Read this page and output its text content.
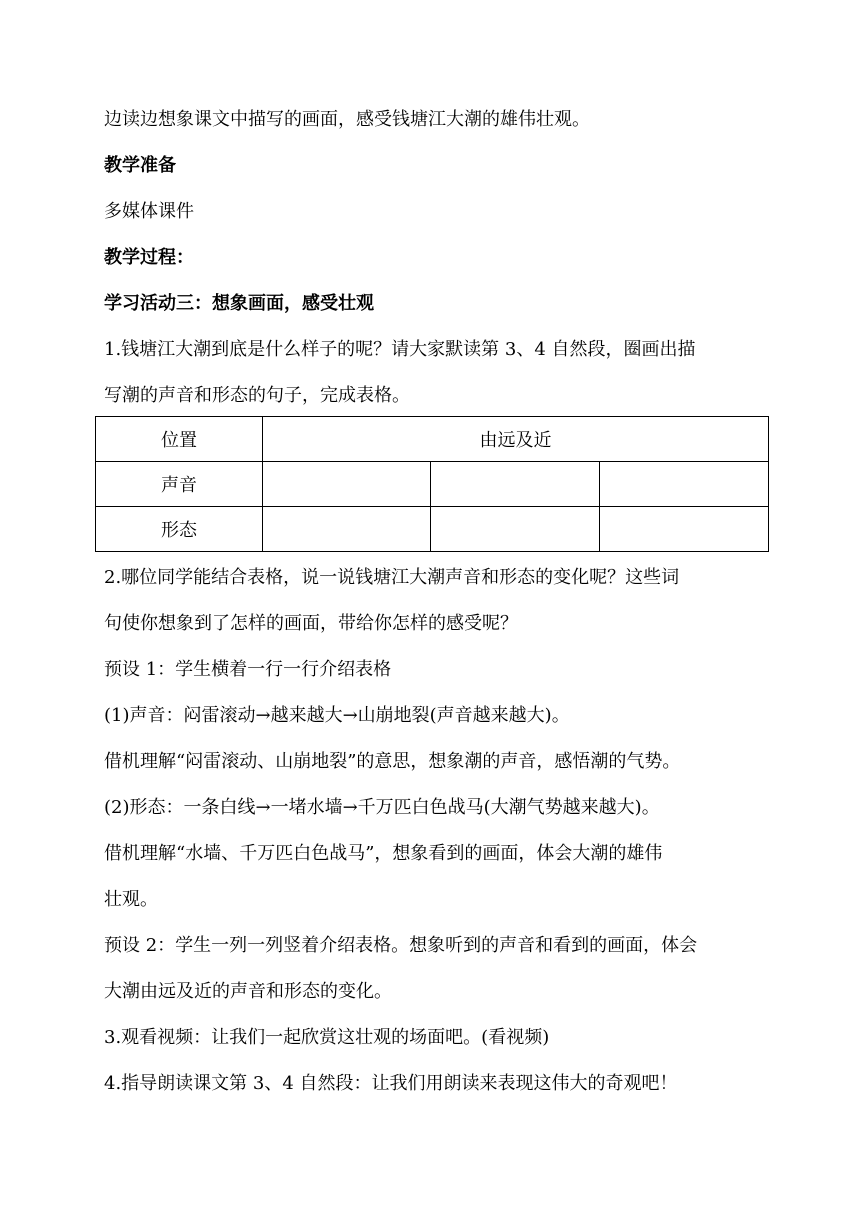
边读边想象课文中描写的画面，感受钱塘江大潮的雄伟壮观。

教学准备

多媒体课件

教学过程：

学习活动三：想象画面，感受壮观

1.钱塘江大潮到底是什么样子的呢？请大家默读第 3、4 自然段，圈画出描

写潮的声音和形态的句子，完成表格。

位置	由远及近		
声音			
形态			

2.哪位同学能结合表格，说一说钱塘江大潮声音和形态的变化呢？这些词

句使你想象到了怎样的画面，带给你怎样的感受呢？

预设 1：学生横着一行一行介绍表格

(1)声音：闷雷滚动→越来越大→山崩地裂(声音越来越大)。

借机理解“闷雷滚动、山崩地裂”的意思，想象潮的声音，感悟潮的气势。

(2)形态：一条白线→一堵水墙→千万匹白色战马(大潮气势越来越大)。

借机理解“水墙、千万匹白色战马”，想象看到的画面，体会大潮的雄伟

壮观。

预设 2：学生一列一列竖着介绍表格。想象听到的声音和看到的画面，体会

大潮由远及近的声音和形态的变化。

3.观看视频：让我们一起欣赏这壮观的场面吧。(看视频)

4.指导朗读课文第 3、4 自然段：让我们用朗读来表现这伟大的奇观吧！
